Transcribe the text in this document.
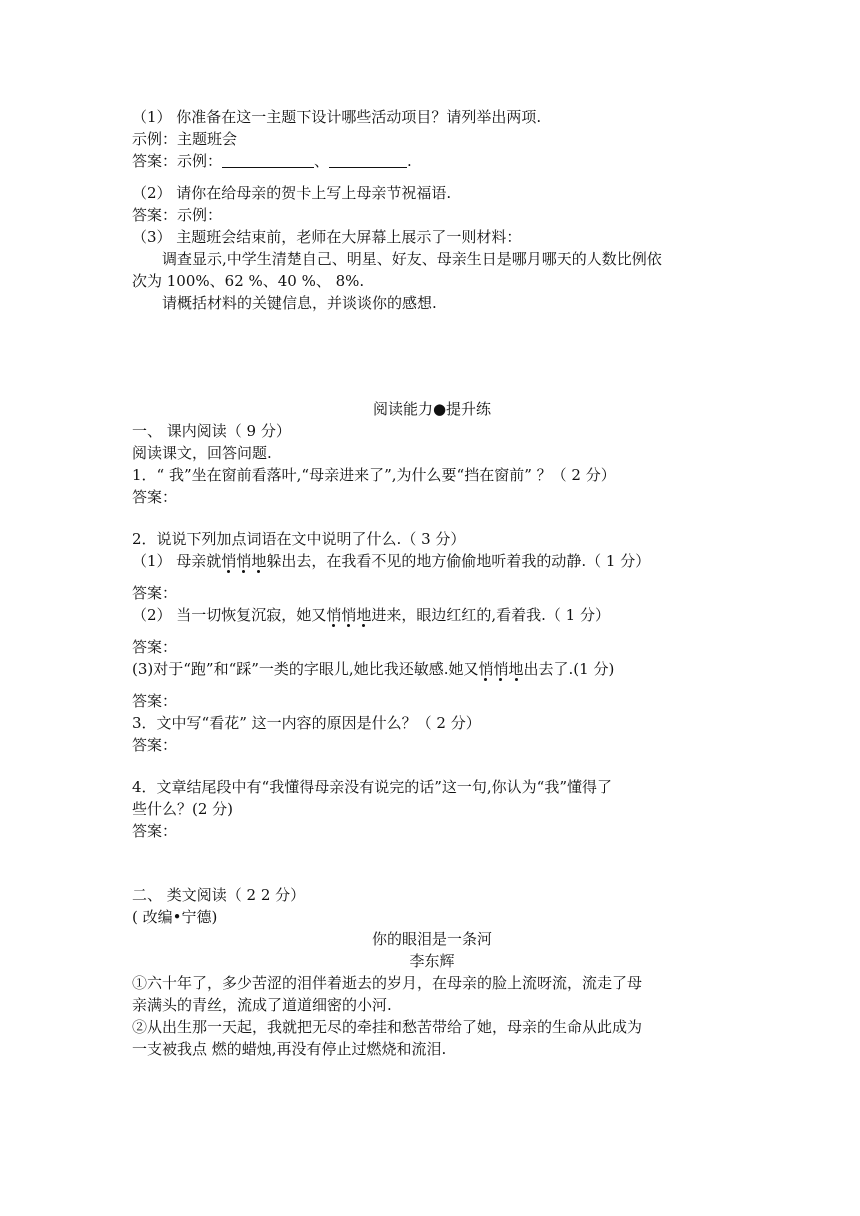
（1） 你准备在这一主题下设计哪些活动项目？请列举出两项.
示例：主题班会
答案：示例：	、	.
（2） 请你在给母亲的贺卡上写上母亲节祝福语.
答案：示例：
（3） 主题班会结束前，老师在大屏幕上展示了一则材料：
调查显示,中学生清楚自己、明星、好友、母亲生日是哪月哪天的人数比例依
次为 100%、62 %、40 %、 8%.
请概括材料的关键信息，并谈谈你的感想.
阅读能力●提升练
一、 课内阅读（ 9 分）
阅读课文，回答问题.
1．“ 我”坐在窗前看落叶,“母亲进来了”,为什么要“挡在窗前” ？（ 2 分）
答案：
2．说说下列加点词语在文中说明了什么.（ 3 分）
（1） 母亲就悄悄地躲出去，在我看不见的地方偷偷地听着我的动静.（ 1 分）
答案：
（2） 当一切恢复沉寂，她又悄悄地进来，眼边红红的,看着我.（ 1 分）
答案：
(3)对于“跑”和“踩”一类的字眼儿,她比我还敏感.她又悄悄地出去了.(1 分)
答案：
3．文中写“看花” 这一内容的原因是什么？（ 2 分）
答案：
4．文章结尾段中有“我懂得母亲没有说完的话”这一句,你认为“我”懂得了
些什么？(2 分)
答案：
二、 类文阅读（ 2 2 分）
( 改编•宁德)
你的眼泪是一条河
李东辉
①六十年了，多少苦涩的泪伴着逝去的岁月，在母亲的脸上流呀流，流走了母
亲满头的青丝，流成了道道细密的小河.
②从出生那一天起，我就把无尽的牵挂和愁苦带给了她，母亲的生命从此成为
一支被我点 燃的蜡烛,再没有停止过燃烧和流泪.
